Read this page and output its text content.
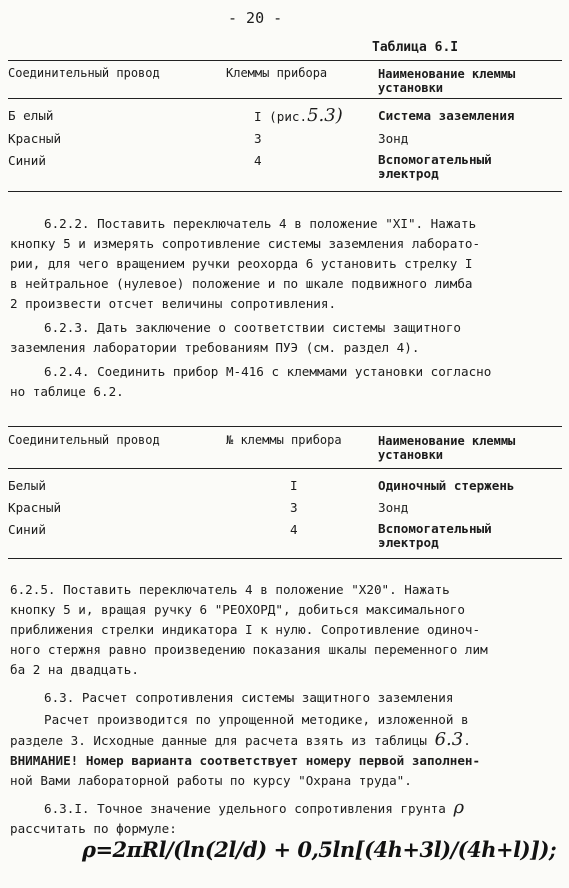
- 20 -
Таблица 6.I
Соединительный провод	Клеммы прибора	Наименование клеммы установки
Б елый	I (рис.5.3)	Система заземления
Красный	3	Зонд
Синий	4	Вспомогательный электрод
6.2.2. Поставить переключатель 4 в положение "XI". Нажать
кнопку 5 и измерять сопротивление системы заземления лаборато-
рии, для чего вращением ручки реохорда 6 установить стрелку I
в нейтральное (нулевое) положение и по шкале подвижного лимба
2 произвести отсчет величины сопротивления.
6.2.3. Дать заключение о соответствии системы защитного
заземления лаборатории требованиям ПУЭ (см. раздел 4).
6.2.4. Соединить прибор М-416 с клеммами установки согласно
но таблице 6.2.
Соединительный провод	№ клеммы прибора	Наименование клеммы установки
Белый	I	Одиночный стержень
Красный	3	Зонд
Синий	4	Вспомогательный электрод
6.2.5. Поставить переключатель 4 в положение "Х20". Нажать
кнопку 5 и, вращая ручку 6 "РЕОХОРД", добиться максимального
приближения стрелки индикатора I к нулю. Сопротивление одиноч-
ного стержня равно произведению показания шкалы переменного лим
ба 2 на двадцать.
6.3. Расчет сопротивления системы защитного заземления
Расчет производится по упрощенной методике, изложенной в
разделе 3. Исходные данные для расчета взять из таблицы 6.3.
ВНИМАНИЕ! Номер варианта соответствует номеру первой заполнен-
ной Вами лабораторной работы по курсу "Охрана труда".
6.3.I. Точное значение удельного сопротивления грунта ρ
рассчитать по формуле:
ρ=2πRl/(ln(2l/d) + 0,5ln[(4h+3l)/(4h+l)]);
